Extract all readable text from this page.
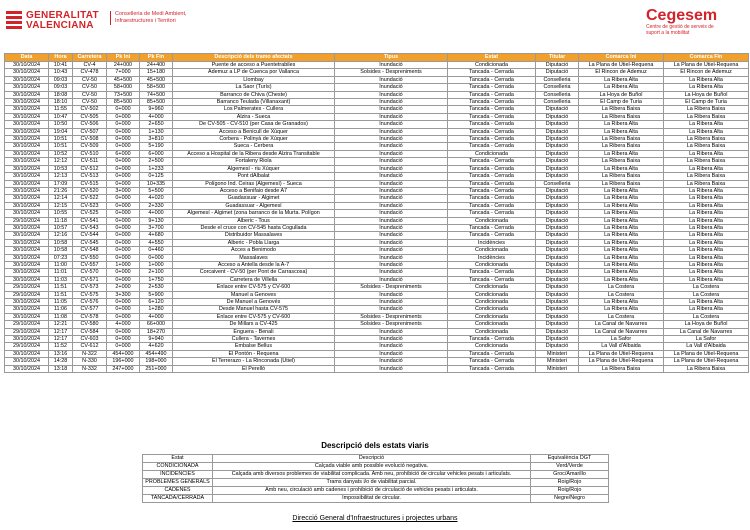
GENERALITAT
VALENCIANA
Conselleria de Medi Ambient,
Infraestructures i Territori	Cegesem
Centre de gestió de serveis de
suport a la mobilitat
Data	Hora	Carretera	Pk Ini	Pk Fin	Descripció dels tramo afectats	Tipus	Estat	Titular	Comarca Ini	Comarca Fin
30/10/2024	10:41	CV-4	24+000	24+400	Puente de acceso a Puentetrabiles	Inundació	Condicionada	Diputació	La Plana de Utiel-Requena	La Plana de Utiel-Requena
30/10/2024	10:43	CV-478	7+000	15+180	Ademuz a LP de Cuenca por Vallanca	Solsides - Despreniments	Tancada - Cerrada	Diputació	El Rincon de Ademuz	El Rincon de Ademuz
30/10/2024	09:03	CV-50	45+500	45+500	Llombay	Inundació	Tancada - Cerrada	Conselleria	La Ribera Alta	La Ribera Alta
30/10/2024	09:03	CV-50	58+000	58+500	La Saor (Turís)	Inundació	Tancada - Cerrada	Conselleria	La Ribera Alta	La Ribera Alta
30/10/2024	18:08	CV-50	73+500	74+500	Barranco de Chiva (Cheste)	Inundació	Tancada - Cerrada	Conselleria	La Hoya de Buñol	La Hoya de Buñol
30/10/2024	18:10	CV-50	85+500	85+500	Barranco Teulada (Villanaxant)	Inundació	Tancada - Cerrada	Conselleria	El Camp de Turia	El Camp de Turia
30/10/2024	11:55	CV-502	0+000	9+960	Los Palmerates - Cullera	Inundació	Tancada - Cerrada	Diputació	La Ribera Baixa	La Ribera Baixa
30/10/2024	10:47	CV-505	0+000	4+000	Alzira - Sueca	Inundació	Tancada - Cerrada	Diputació	La Ribera Baixa	La Ribera Baixa
30/10/2024	10:50	CV-506	0+000	2+650	De CV-505 - CV-510 (per Casa de Granados)	Inundació	Tancada - Cerrada	Diputació	La Ribera Alta	La Ribera Alta
30/10/2024	19:04	CV-507	0+000	1+130	Acceso a Benicull de Xúquer	Inundació	Tancada - Cerrada	Diputació	La Ribera Alta	La Ribera Alta
30/10/2024	10:51	CV-508	0+000	3+810	Corbera - Polinyà de Xúquer	Inundació	Tancada - Cerrada	Diputació	La Ribera Baixa	La Ribera Baixa
30/10/2024	10:51	CV-509	0+000	5+190	Sueca - Cerbera	Inundació	Tancada - Cerrada	Diputació	La Ribera Baixa	La Ribera Baixa
30/10/2024	10:52	CV-510	6+000	6+000	Acceso a Hospital de la Ribera desde Alzira Transitable	Inundació	Condicionada	Diputació	La Ribera Alta	La Ribera Alta
30/10/2024	12:12	CV-511	0+000	2+500	Fortaleny Riola	Inundació	Tancada - Cerrada	Diputació	La Ribera Baixa	La Ribera Baixa
30/10/2024	10:53	CV-512	0+000	1+233	Algemesí - riu Xúquer	Inundació	Tancada - Cerrada	Diputació	La Ribera Alta	La Ribera Alta
30/10/2024	12:13	CV-513	0+000	0+125	Pont dAlbalat	Inundació	Tancada - Cerrada	Diputació	La Ribera Baixa	La Ribera Baixa
30/10/2024	17:09	CV-515	0+000	10+335	Polígono Ind. Ceiras (Algemesí) - Sueca	Inundació	Tancada - Cerrada	Conselleria	La Ribera Baixa	La Ribera Baixa
30/10/2024	21:26	CV-520	3+000	5+500	Acceso a Benifaio desde A7	Inundació	Tancada - Cerrada	Diputació	La Ribera Alta	La Ribera Alta
30/10/2024	12:14	CV-522	0+000	4+020	Guadassuar - Algimet	Inundació	Tancada - Cerrada	Diputació	La Ribera Alta	La Ribera Alta
30/10/2024	12:15	CV-523	0+000	2+330	Guadassuar - Algemesí	Inundació	Tancada - Cerrada	Diputació	La Ribera Alta	La Ribera Alta
30/10/2024	10:55	CV-525	0+000	4+000	Algemesí - Algimet (zona barranco de la Murta. Polígon	Inundació	Tancada - Cerrada	Diputació	La Ribera Alta	La Ribera Alta
29/10/2024	11:18	CV-541	0+000	9+130	Alberic - Tous	Inundació	Condicionada	Diputació	La Ribera Alta	La Ribera Alta
30/10/2024	10:57	CV-543	0+000	3+700	Desde el cruce con CV-545 hasta Cogullada	Inundació	Tancada - Cerrada	Diputació	La Ribera Alta	La Ribera Alta
30/10/2024	12:16	CV-544	0+000	4+680	Distribuidor Massalaves	Inundació	Tancada - Cerrada	Diputació	La Ribera Alta	La Ribera Alta
30/10/2024	10:58	CV-545	0+000	4+550	Alberic - Pobla Llarga	Inundació	Incidències	Diputació	La Ribera Alta	La Ribera Alta
30/10/2024	10:58	CV-548	0+000	0+460	Acces a Benimodo	Inundació	Condicionada	Diputació	La Ribera Alta	La Ribera Alta
30/10/2024	07:23	CV-550	0+000	0+000	Massalaves	Inundació	Incidències	Diputació	La Ribera Alta	La Ribera Alta
30/10/2024	11:00	CV-557	1+000	1+000	Acceso a Antella desde la A-7	Inundació	Condicionada	Diputació	La Ribera Alta	La Ribera Alta
30/10/2024	11:01	CV-570	0+000	2+100	Corcaivent - CV-50 (per Pont de Carrascosa)	Inundació	Tancada - Cerrada	Diputació	La Ribera Alta	La Ribera Alta
30/10/2024	11:03	CV-571	0+000	1+750	Carretera de Villella	Inundació	Tancada - Cerrada	Diputació	La Ribera Alta	La Ribera Alta
29/10/2024	11:51	CV-573	2+000	2+530	Enlace entre CV-575 y CV-600	Solsides - Despreniments	Condicionada	Diputació	La Costera	La Costera
29/10/2024	11:51	CV-575	3+300	5+900	Manuel a Genoves	Inundació	Condicionada	Diputació	La Costera	La Costera
30/10/2024	11:05	CV-576	0+000	6+120	De Manuel a Genovés	Inundació	Condicionada	Diputació	La Ribera Alta	La Ribera Alta
30/10/2024	11:06	CV-577	0+000	1+280	Desde Manuel hasta CV-575	Inundació	Condicionada	Diputació	La Ribera Alta	La Ribera Alta
30/10/2024	11:08	CV-578	0+000	4+000	Enlace entre CV-575 y CV-600	Solsides - Despreniments	Condicionada	Diputació	La Costera	La Costera
29/10/2024	12:21	CV-580	4+000	66+000	De Millars a CV-425	Solsides - Despreniments	Condicionada	Diputació	La Canal de Navarres	La Hoya de Buñol
29/10/2024	12:17	CV-584	0+000	18+270	Enguera - Benali	Inundació	Condicionada	Diputació	La Canal de Navarres	La Canal de Navarres
30/10/2024	12:17	CV-603	0+000	9+940	Cullera - Tavernes	Inundació	Tancada - Cerrada	Diputació	La Safor	La Safor
29/10/2024	11:52	CV-612	0+000	4+620	Embalse Bellus	Inundació	Condicionada	Diputació	La Vall d'Albaida	La Vall d'Albaida
30/10/2024	13:16	N-322	454+000	454+490	El Pontón - Requena	Inundació	Tancada - Cerrada	Ministeri	La Plana de Utiel-Requena	La Plana de Utiel-Requena
30/10/2024	14:28	N-330	196+000	198+000	El Terrerazo - La Rinconada (Utiel)	Inundació	Tancada - Cerrada	Ministeri	La Plana de Utiel-Requena	La Plana de Utiel-Requena
30/10/2024	13:18	N-332	247+000	251+000	El Perelló	Inundació	Tancada - Cerrada	Ministeri	La Ribera Baixa	La Ribera Baixa
Descripció dels estats viaris
Estat	Descripció	Equivalència DGT
CONDICIONADA	Calçada viable amb possible evolució negativa.	Verd/Verde
INCIDÈNCIES	Calçada amb diversos problemes de viabilitat complicada. Amb neu, prohibició de circular vehicles pesats i articulats.	Groc/Amarillo
PROBLEMES GENERALS	Trams danyats i/o de viabilitat parcial.	Roig/Rojo
CADENES	Amb neu, circulació amb cadenes i prohibició de circulació de vehicles pesats i articulats.	Roig/Rojo
TANCADA/CERRADA	Impossibilitat de circular.	Negre/Negro
Direcció General d'Infraestructures i projectes urbans
